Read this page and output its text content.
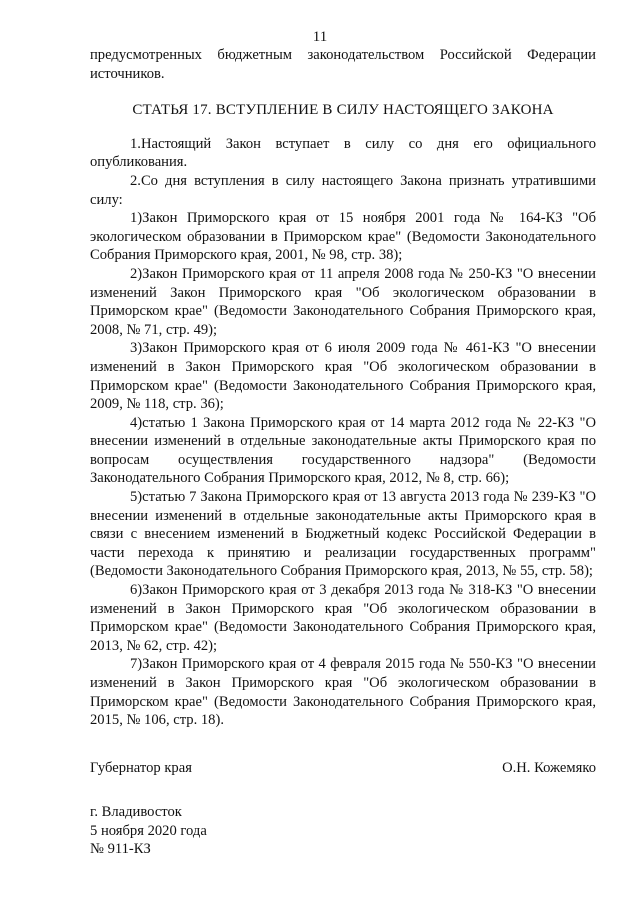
11

предусмотренных бюджетным законодательством Российской Федерации источников.

СТАТЬЯ 17. ВСТУПЛЕНИЕ В СИЛУ НАСТОЯЩЕГО ЗАКОНА

1.Настоящий Закон вступает в силу со дня его официального опубликования.

2.Со дня вступления в силу настоящего Закона признать утратившими силу:

1)Закон Приморского края от 15 ноября 2001 года № 164-КЗ "Об экологическом образовании в Приморском крае" (Ведомости Законодательного Собрания Приморского края, 2001, № 98, стр. 38);

2)Закон Приморского края от 11 апреля 2008 года № 250-КЗ "О внесении изменений Закон Приморского края "Об экологическом образовании в Приморском крае" (Ведомости Законодательного Собрания Приморского края, 2008, № 71, стр. 49);

3)Закон Приморского края от 6 июля 2009 года № 461-КЗ "О внесении изменений в Закон Приморского края "Об экологическом образовании в Приморском крае" (Ведомости Законодательного Собрания Приморского края, 2009, № 118, стр. 36);

4)статью 1 Закона Приморского края от 14 марта 2012 года № 22-КЗ "О внесении изменений в отдельные законодательные акты Приморского края по вопросам осуществления государственного надзора" (Ведомости Законодательного Собрания Приморского края, 2012, № 8, стр. 66);

5)статью 7 Закона Приморского края от 13 августа 2013 года № 239-КЗ "О внесении изменений в отдельные законодательные акты Приморского края в связи с внесением изменений в Бюджетный кодекс Российской Федерации в части перехода к принятию и реализации государственных программ" (Ведомости Законодательного Собрания Приморского края, 2013, № 55, стр. 58);

6)Закон Приморского края от 3 декабря 2013 года № 318-КЗ "О внесении изменений в Закон Приморского края "Об экологическом образовании в Приморском крае" (Ведомости Законодательного Собрания Приморского края, 2013, № 62, стр. 42);

7)Закон Приморского края от 4 февраля 2015 года № 550-КЗ "О внесении изменений в Закон Приморского края "Об экологическом образовании в Приморском крае" (Ведомости Законодательного Собрания Приморского края, 2015, № 106, стр. 18).

Губернатор края	О.Н. Кожемяко
г. Владивосток
5 ноября 2020 года
№ 911-КЗ
